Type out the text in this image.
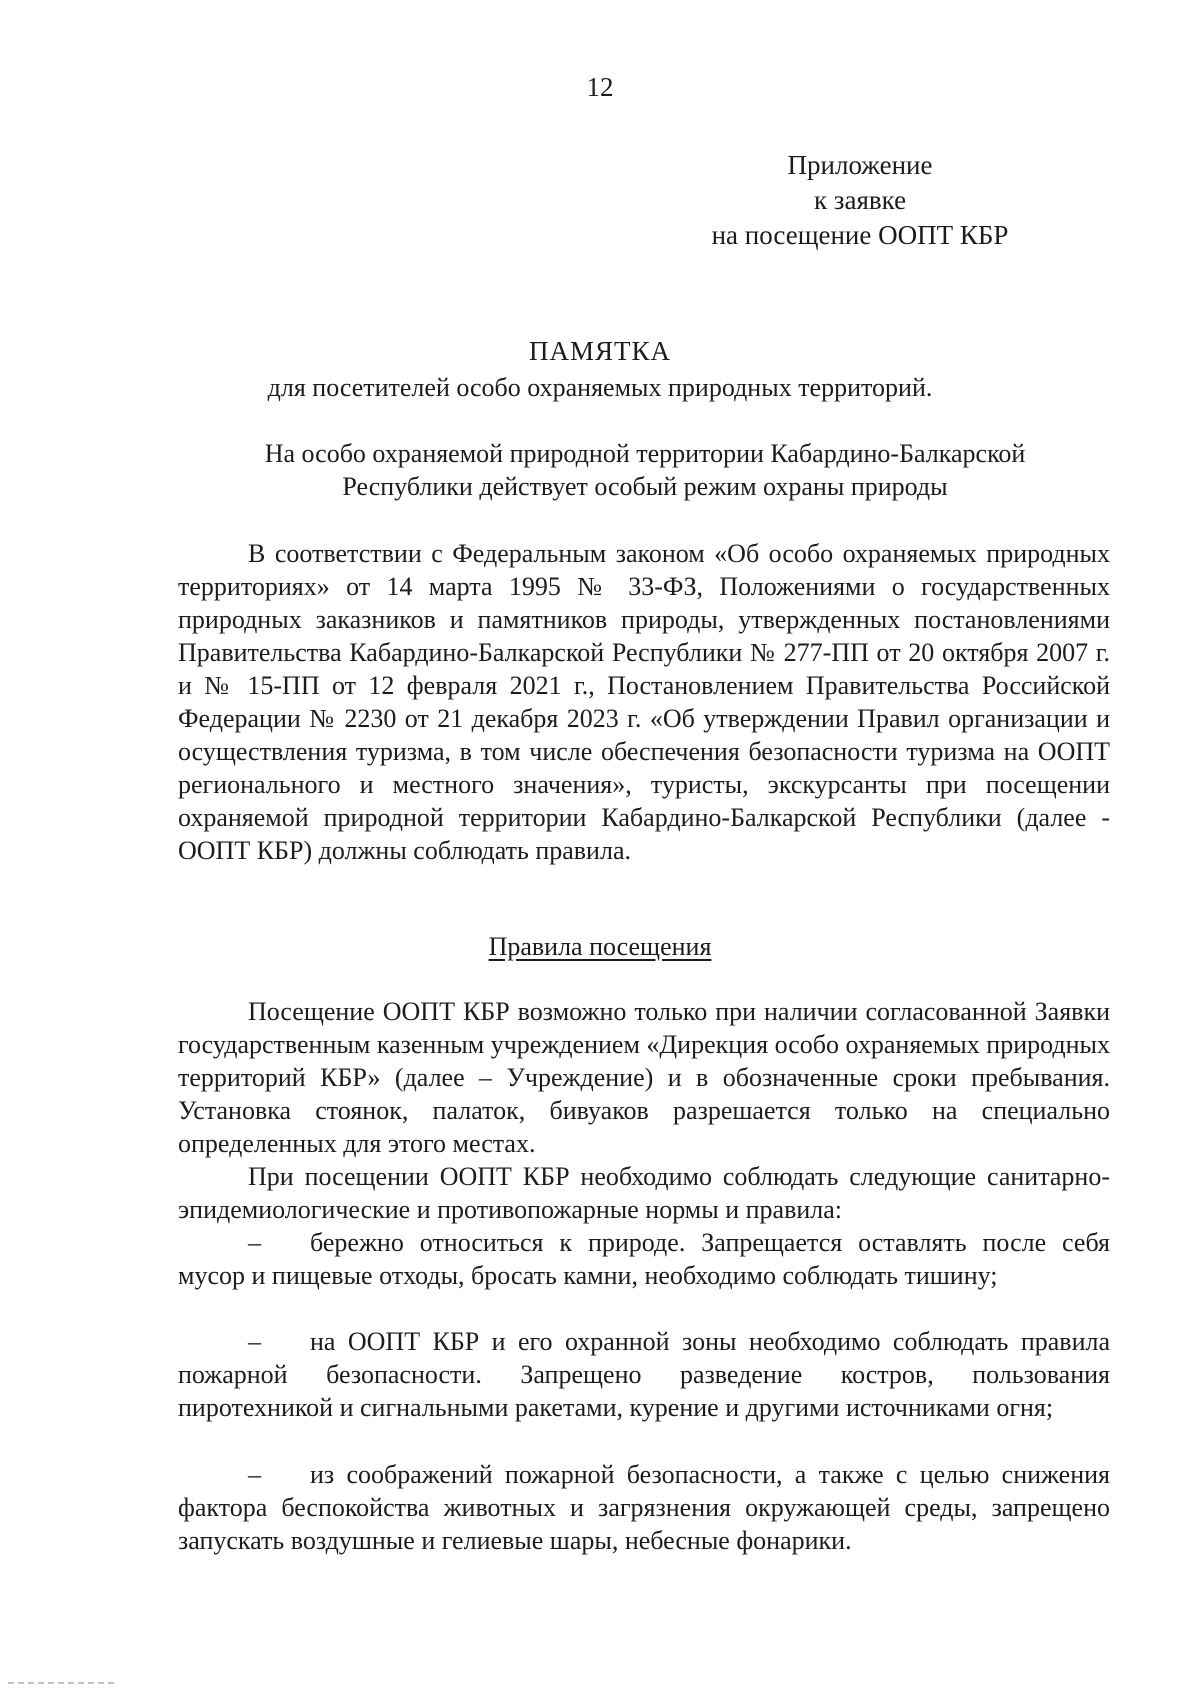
12
Приложение
к заявке
на посещение ООПТ КБР
ПАМЯТКА
для посетителей особо охраняемых природных территорий.
На особо охраняемой природной территории Кабардино-Балкарской
Республики действует особый режим охраны природы
В соответствии с Федеральным законом «Об особо охраняемых природных территориях» от 14 марта 1995 № 33-ФЗ, Положениями о государственных природных заказников и памятников природы, утвержденных постановлениями Правительства Кабардино-Балкарской Республики № 277-ПП от 20 октября 2007 г. и № 15-ПП от 12 февраля 2021 г., Постановлением Правительства Российской Федерации № 2230 от 21 декабря 2023 г. «Об утверждении Правил организации и осуществления туризма, в том числе обеспечения безопасности туризма на ООПТ регионального и местного значения», туристы, экскурсанты при посещении охраняемой природной территории Кабардино-Балкарской Республики (далее - ООПТ КБР) должны соблюдать правила.
Правила посещения
Посещение ООПТ КБР возможно только при наличии согласованной Заявки государственным казенным учреждением «Дирекция особо охраняемых природных территорий КБР» (далее – Учреждение) и в обозначенные сроки пребывания. Установка стоянок, палаток, бивуаков разрешается только на специально определенных для этого местах.
При посещении ООПТ КБР необходимо соблюдать следующие санитарно-эпидемиологические и противопожарные нормы и правила:
– бережно относиться к природе. Запрещается оставлять после себя мусор и пищевые отходы, бросать камни, необходимо соблюдать тишину;
– на ООПТ КБР и его охранной зоны необходимо соблюдать правила пожарной безопасности. Запрещено разведение костров, пользования пиротехникой и сигнальными ракетами, курение и другими источниками огня;
– из соображений пожарной безопасности, а также с целью снижения фактора беспокойства животных и загрязнения окружающей среды, запрещено запускать воздушные и гелиевые шары, небесные фонарики.
